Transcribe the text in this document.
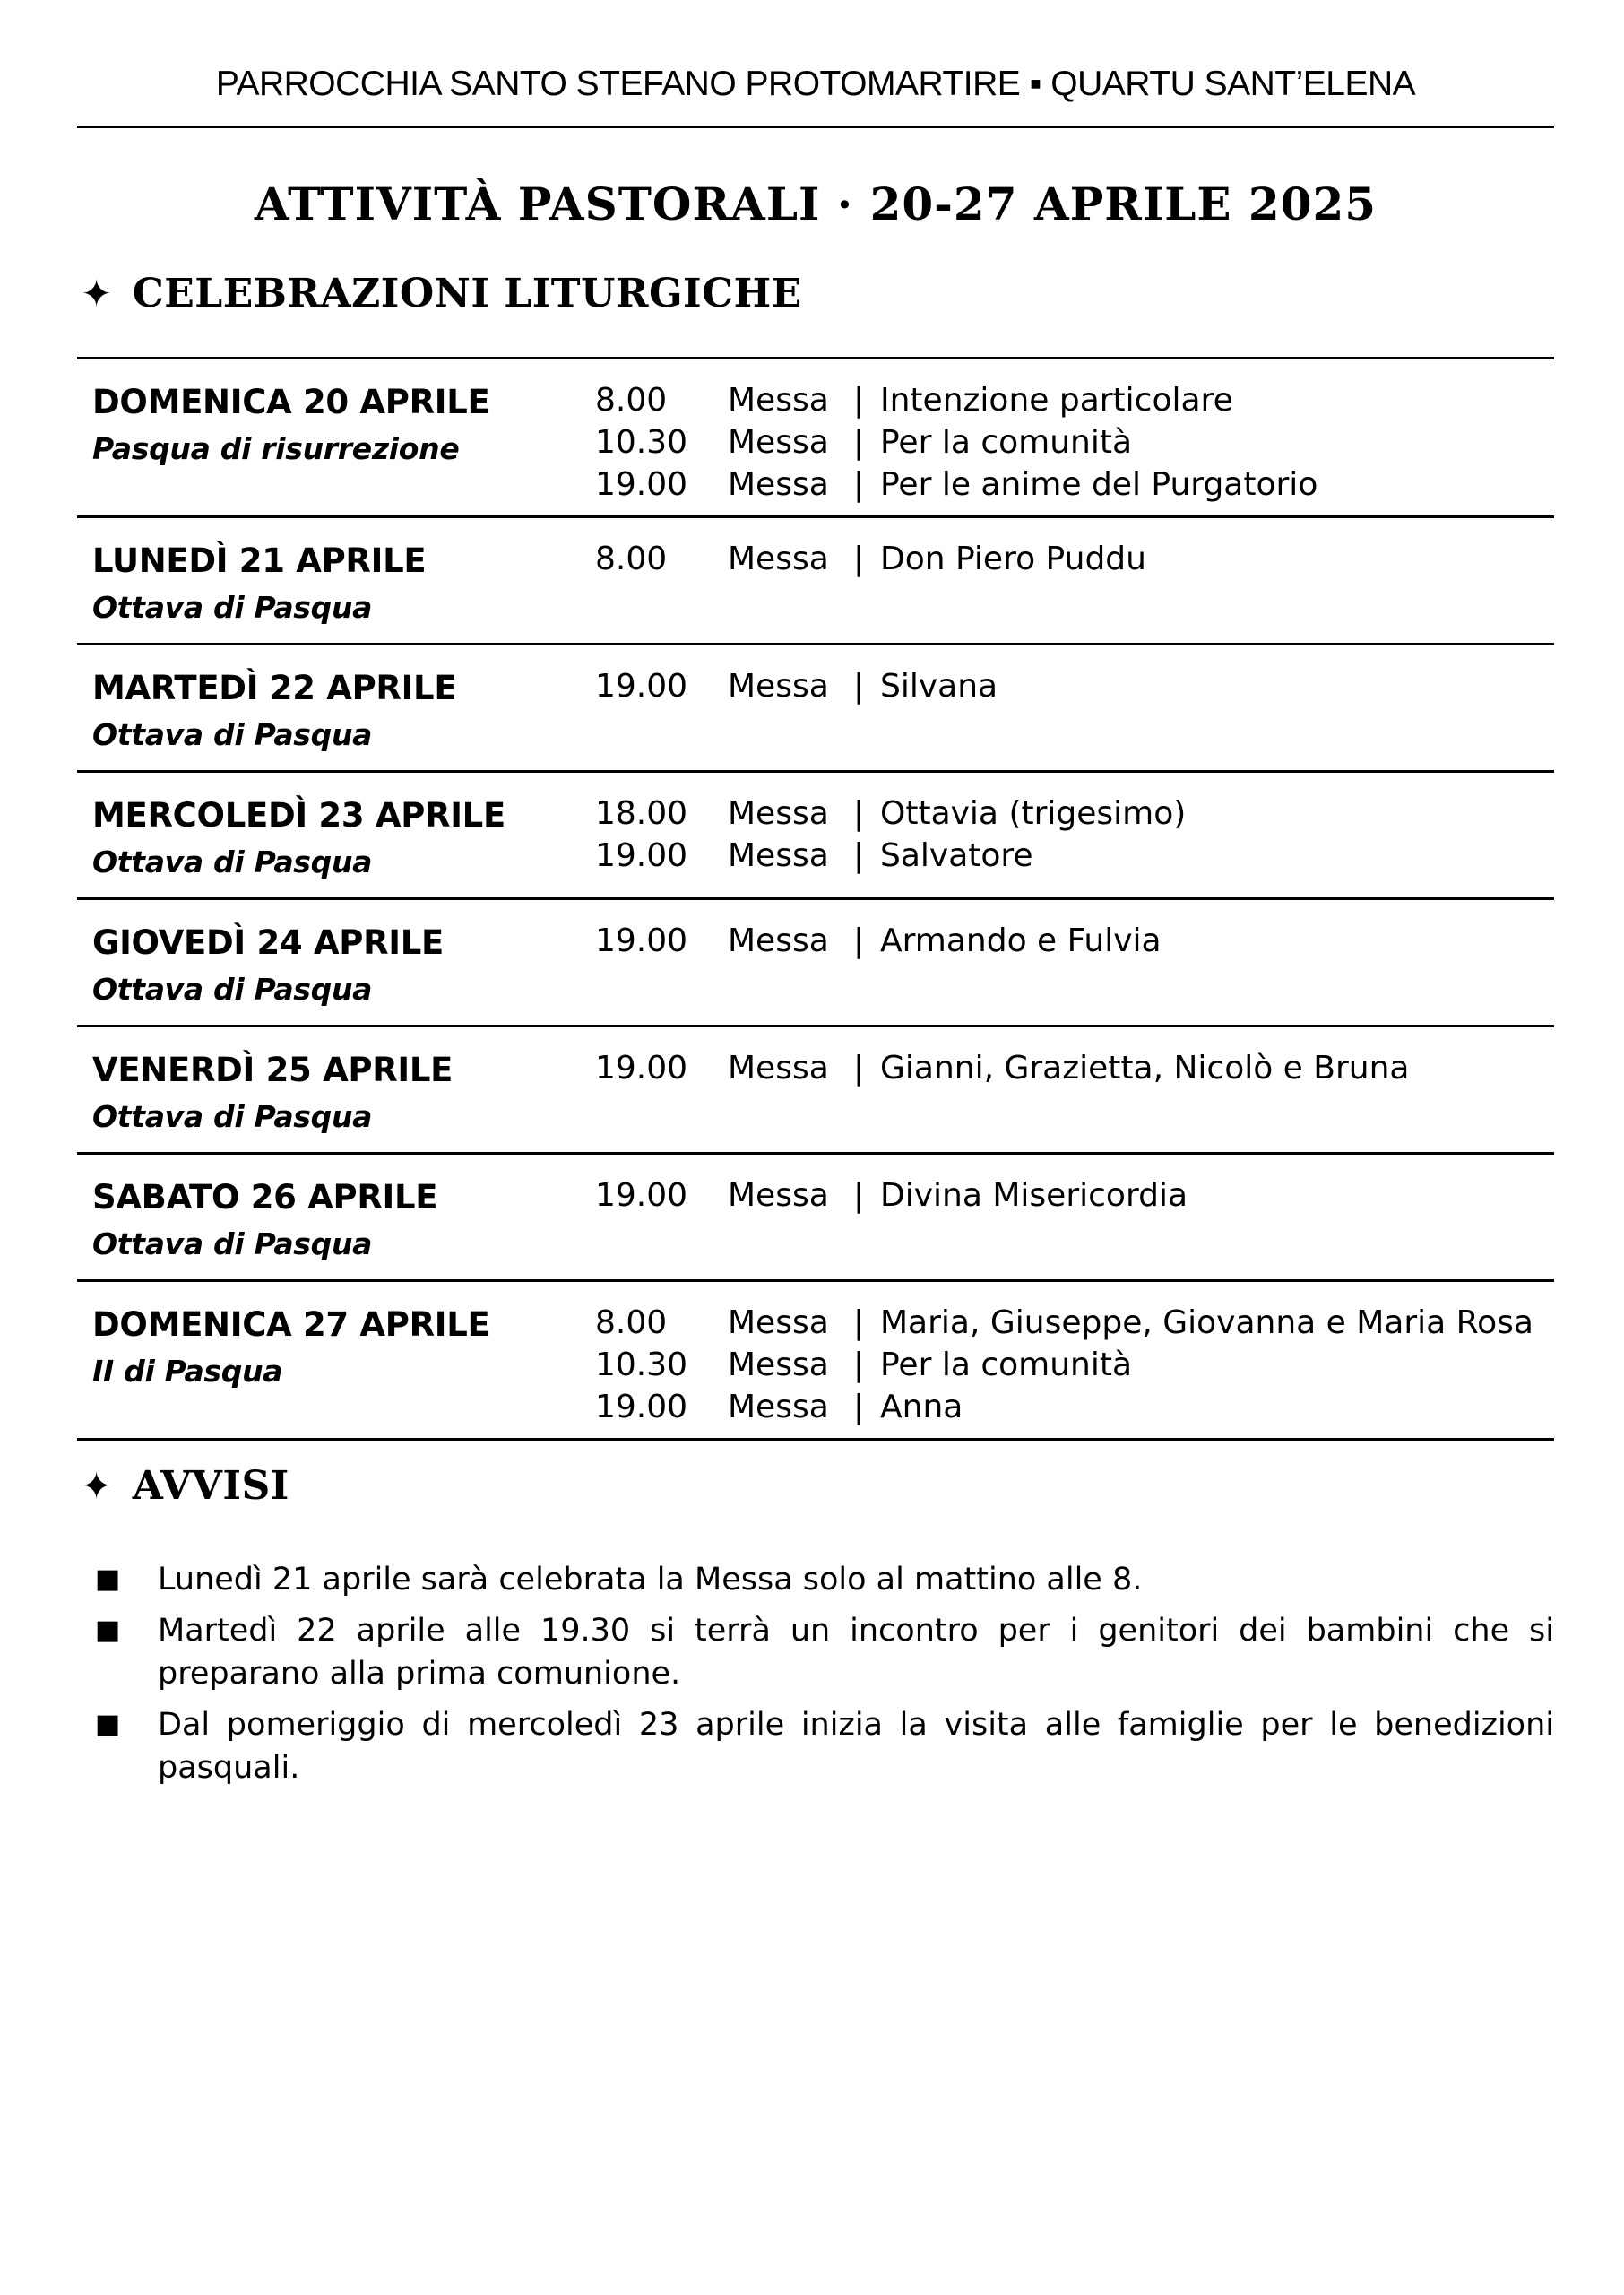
PARROCCHIA SANTO STEFANO PROTOMARTIRE ▪ QUARTU SANT’ELENA
ATTIVITÀ PASTORALI · 20-27 APRILE 2025
✦ CELEBRAZIONI LITURGICHE
DOMENICA 20 APRILE
Pasqua di risurrezione
8.00	Messa | Intenzione particolare
10.30	Messa | Per la comunità
19.00	Messa | Per le anime del Purgatorio
LUNEDÌ 21 APRILE
Ottava di Pasqua
8.00	Messa | Don Piero Puddu
MARTEDÌ 22 APRILE
Ottava di Pasqua
19.00	Messa | Silvana
MERCOLEDÌ 23 APRILE
Ottava di Pasqua
18.00	Messa | Ottavia (trigesimo)
19.00	Messa | Salvatore
GIOVEDÌ 24 APRILE
Ottava di Pasqua
19.00	Messa | Armando e Fulvia
VENERDÌ 25 APRILE
Ottava di Pasqua
19.00	Messa | Gianni, Grazietta, Nicolò e Bruna
SABATO 26 APRILE
Ottava di Pasqua
19.00	Messa | Divina Misericordia
DOMENICA 27 APRILE
II di Pasqua
8.00	Messa | Maria, Giuseppe, Giovanna e Maria Rosa
10.30	Messa | Per la comunità
19.00	Messa | Anna
✦ AVVISI
■	Lunedì 21 aprile sarà celebrata la Messa solo al mattino alle 8.
■	Martedì 22 aprile alle 19.30 si terrà un incontro per i genitori dei bambini che si preparano alla prima comunione.
■	Dal pomeriggio di mercoledì 23 aprile inizia la visita alle famiglie per le benedizioni pasquali.
